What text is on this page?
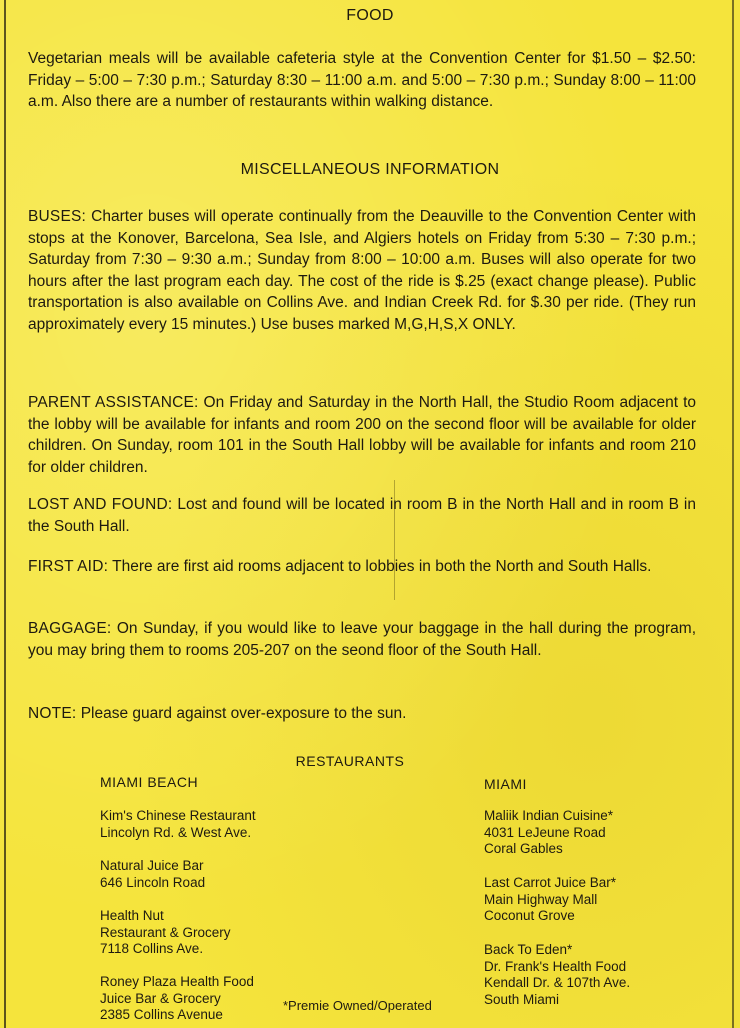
FOOD
Vegetarian meals will be available cafeteria style at the Convention Center for $1.50 – $2.50: Friday – 5:00 – 7:30 p.m.; Saturday 8:30 – 11:00 a.m. and 5:00 – 7:30 p.m.; Sunday 8:00 – 11:00 a.m. Also there are a number of restaurants within walking distance.
MISCELLANEOUS INFORMATION
BUSES: Charter buses will operate continually from the Deauville to the Convention Center with stops at the Konover, Barcelona, Sea Isle, and Algiers hotels on Friday from 5:30 – 7:30 p.m.; Saturday from 7:30 – 9:30 a.m.; Sunday from 8:00 – 10:00 a.m. Buses will also operate for two hours after the last program each day. The cost of the ride is $.25 (exact change please). Public transportation is also available on Collins Ave. and Indian Creek Rd. for $.30 per ride. (They run approximately every 15 minutes.) Use buses marked M,G,H,S,X ONLY.
PARENT ASSISTANCE: On Friday and Saturday in the North Hall, the Studio Room adjacent to the lobby will be available for infants and room 200 on the second floor will be available for older children. On Sunday, room 101 in the South Hall lobby will be available for infants and room 210 for older children.
LOST AND FOUND: Lost and found will be located in room B in the North Hall and in room B in the South Hall.
FIRST AID: There are first aid rooms adjacent to lobbies in both the North and South Halls.
BAGGAGE: On Sunday, if you would like to leave your baggage in the hall during the program, you may bring them to rooms 205-207 on the seond floor of the South Hall.
NOTE: Please guard against over-exposure to the sun.
RESTAURANTS
MIAMI BEACH
Kim's Chinese Restaurant
Lincolyn Rd. & West Ave.
Natural Juice Bar
646 Lincoln Road
Health Nut
Restaurant & Grocery
7118 Collins Ave.
Roney Plaza Health Food
Juice Bar & Grocery
2385 Collins Avenue
MIAMI
Maliik Indian Cuisine*
4031 LeJeune Road
Coral Gables
Last Carrot Juice Bar*
Main Highway Mall
Coconut Grove
Back To Eden*
Dr. Frank's Health Food
Kendall Dr. & 107th Ave.
South Miami
*Premie Owned/Operated
